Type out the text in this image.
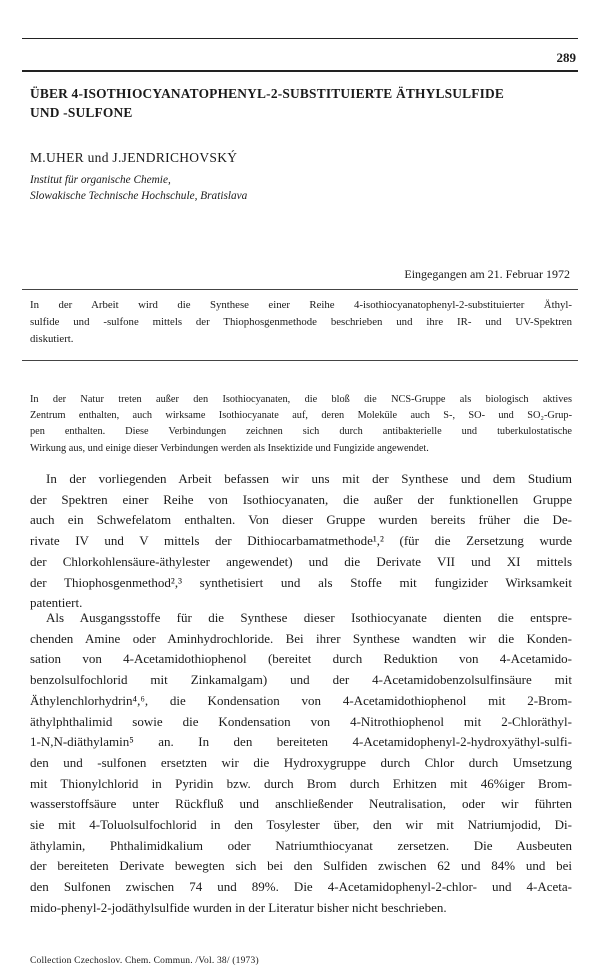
289
ÜBER 4-ISOTHIOCYANATOPHENYL-2-SUBSTITUIERTE ÄTHYLSULFIDE
UND -SULFONE
M.UHER und J.JENDRICHOVSKÝ
Institut für organische Chemie,
Slowakische Technische Hochschule, Bratislava
Eingegangen am 21. Februar 1972
In der Arbeit wird die Synthese einer Reihe 4-isothiocyanatophenyl-2-substituierter Äthyl-
sulfide und -sulfone mittels der Thiophosgenmethode beschrieben und ihre IR- und UV-Spektren
diskutiert.
In der Natur treten außer den Isothiocyanaten, die bloß die NCS-Gruppe als biologisch aktives
Zentrum enthalten, auch wirksame Isothiocyanate auf, deren Moleküle auch S-, SO- und SO₂-Grup-
pen enthalten. Diese Verbindungen zeichnen sich durch antibakterielle und tuberkulostatische
Wirkung aus, und einige dieser Verbindungen werden als Insektizide und Fungizide angewendet.
In der vorliegenden Arbeit befassen wir uns mit der Synthese und dem Studium
der Spektren einer Reihe von Isothiocyanaten, die außer der funktionellen Gruppe
auch ein Schwefelatom enthalten. Von dieser Gruppe wurden bereits früher die De-
rivate IV und V mittels der Dithiocarbamatmethode¹,² (für die Zersetzung wurde
der Chlorkohlensäure-äthylester angewendet) und die Derivate VII und XI mittels
der Thiophosgenmethod²,³ synthetisiert und als Stoffe mit fungizider Wirksamkeit
patentiert.
Als Ausgangsstoffe für die Synthese dieser Isothiocyanate dienten die entspre-
chenden Amine oder Aminhydrochloride. Bei ihrer Synthese wandten wir die Konden-
sation von 4-Acetamidothiophenol (bereitet durch Reduktion von 4-Acetamido-
benzolsulfochlorid mit Zinkamalgam) und der 4-Acetamidobenzolsulfinsäure mit
Äthylenchlorhydrin⁴,⁶, die Kondensation von 4-Acetamidothiophenol mit 2-Brom-
äthylphthalimid sowie die Kondensation von 4-Nitrothiophenol mit 2-Chloräthyl-
1-N,N-diäthylamin⁵ an. In den bereiteten 4-Acetamidophenyl-2-hydroxyäthyl-sulfi-
den und -sulfonen ersetzten wir die Hydroxygruppe durch Chlor durch Umsetzung
mit Thionylchlorid in Pyridin bzw. durch Brom durch Erhitzen mit 46%iger Brom-
wasserstoffsäure unter Rückfluß und anschließender Neutralisation, oder wir führten
sie mit 4-Toluolsulfochlorid in den Tosylester über, den wir mit Natriumjodid, Di-
äthylamin, Phthalimidkalium oder Natriumthiocyanat zersetzen. Die Ausbeuten
der bereiteten Derivate bewegten sich bei den Sulfiden zwischen 62 und 84% und bei
den Sulfonen zwischen 74 und 89%. Die 4-Acetamidophenyl-2-chlor- und 4-Aceta-
mido-phenyl-2-jodäthylsulfide wurden in der Literatur bisher nicht beschrieben.
Collection Czechoslov. Chem. Commun. /Vol. 38/ (1973)
